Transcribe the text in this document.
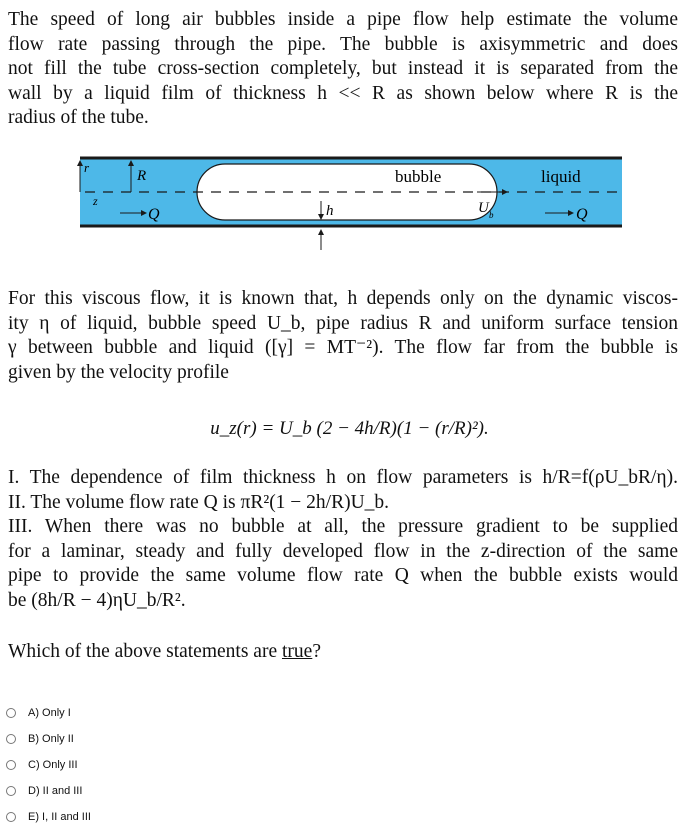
The speed of long air bubbles inside a pipe flow help estimate the volume
flow rate passing through the pipe. The bubble is axisymmetric and does
not fill the tube cross-section completely, but instead it is separated from the
wall by a liquid film of thickness h << R as shown below where R is the
radius of the tube.
r
z
R
Q
bubble	liquid
U b	Q
h
For this viscous flow, it is known that, h depends only on the dynamic viscos-
ity η of liquid, bubble speed U_b, pipe radius R and uniform surface tension
γ between bubble and liquid ([γ] = MT⁻²). The flow far from the bubble is
given by the velocity profile
u_z(r) = U_b (2 − 4h/R)(1 − (r/R)²).
I. The dependence of film thickness h on flow parameters is h/R=f(ρU_bR/η).
II. The volume flow rate Q is πR²(1 − 2h/R)U_b.
III. When there was no bubble at all, the pressure gradient to be supplied
for a laminar, steady and fully developed flow in the z-direction of the same
pipe to provide the same volume flow rate Q when the bubble exists would
be (8h/R − 4)ηU_b/R².
Which of the above statements are true?
A) Only I
B) Only II
C) Only III
D) II and III
E) I, II and III
